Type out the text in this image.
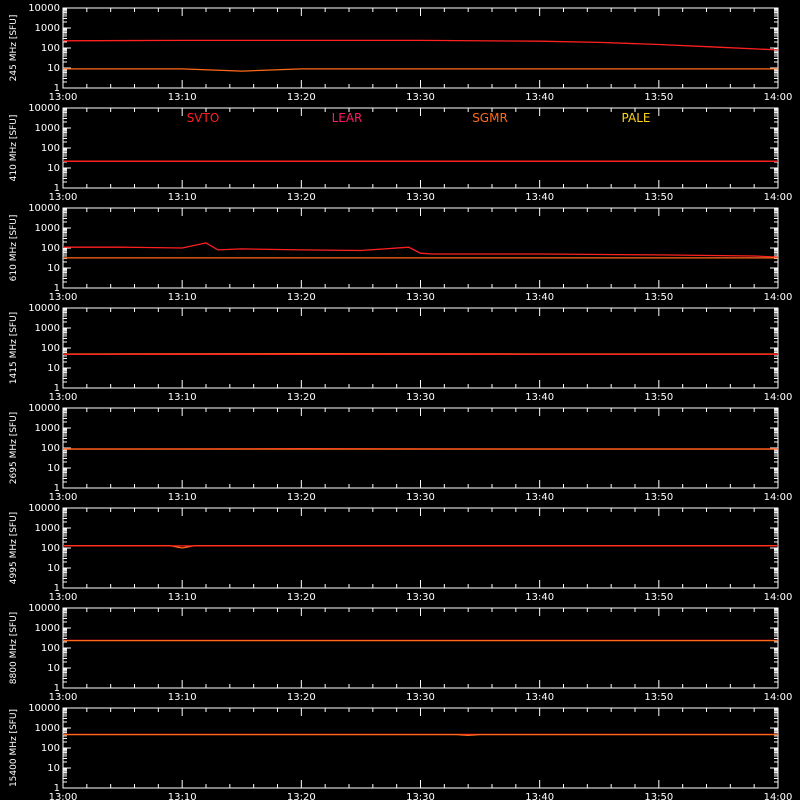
1
10
100
1000
10000
13:00	13:10	13:20	13:30	13:40	13:50	14:00
245 MHz [SFU]
1
10
100
1000
10000
13:00	13:10	13:20	13:30	13:40	13:50	14:00
410 MHz [SFU]
1
10
100
1000
10000
13:00	13:10	13:20	13:30	13:40	13:50	14:00
610 MHz [SFU]
1
10
100
1000
10000
13:00	13:10	13:20	13:30	13:40	13:50	14:00
1415 MHz [SFU]
1
10
100
1000
10000
13:00	13:10	13:20	13:30	13:40	13:50	14:00
2695 MHz [SFU]
1
10
100
1000
10000
13:00	13:10	13:20	13:30	13:40	13:50	14:00
4995 MHz [SFU]
1
10
100
1000
10000
13:00	13:10	13:20	13:30	13:40	13:50	14:00
8800 MHz [SFU]
1
10
100
1000
10000
13:00	13:10	13:20	13:30	13:40	13:50	14:00
15400 MHz [SFU]
SVTO	LEAR	SGMR	PALE
